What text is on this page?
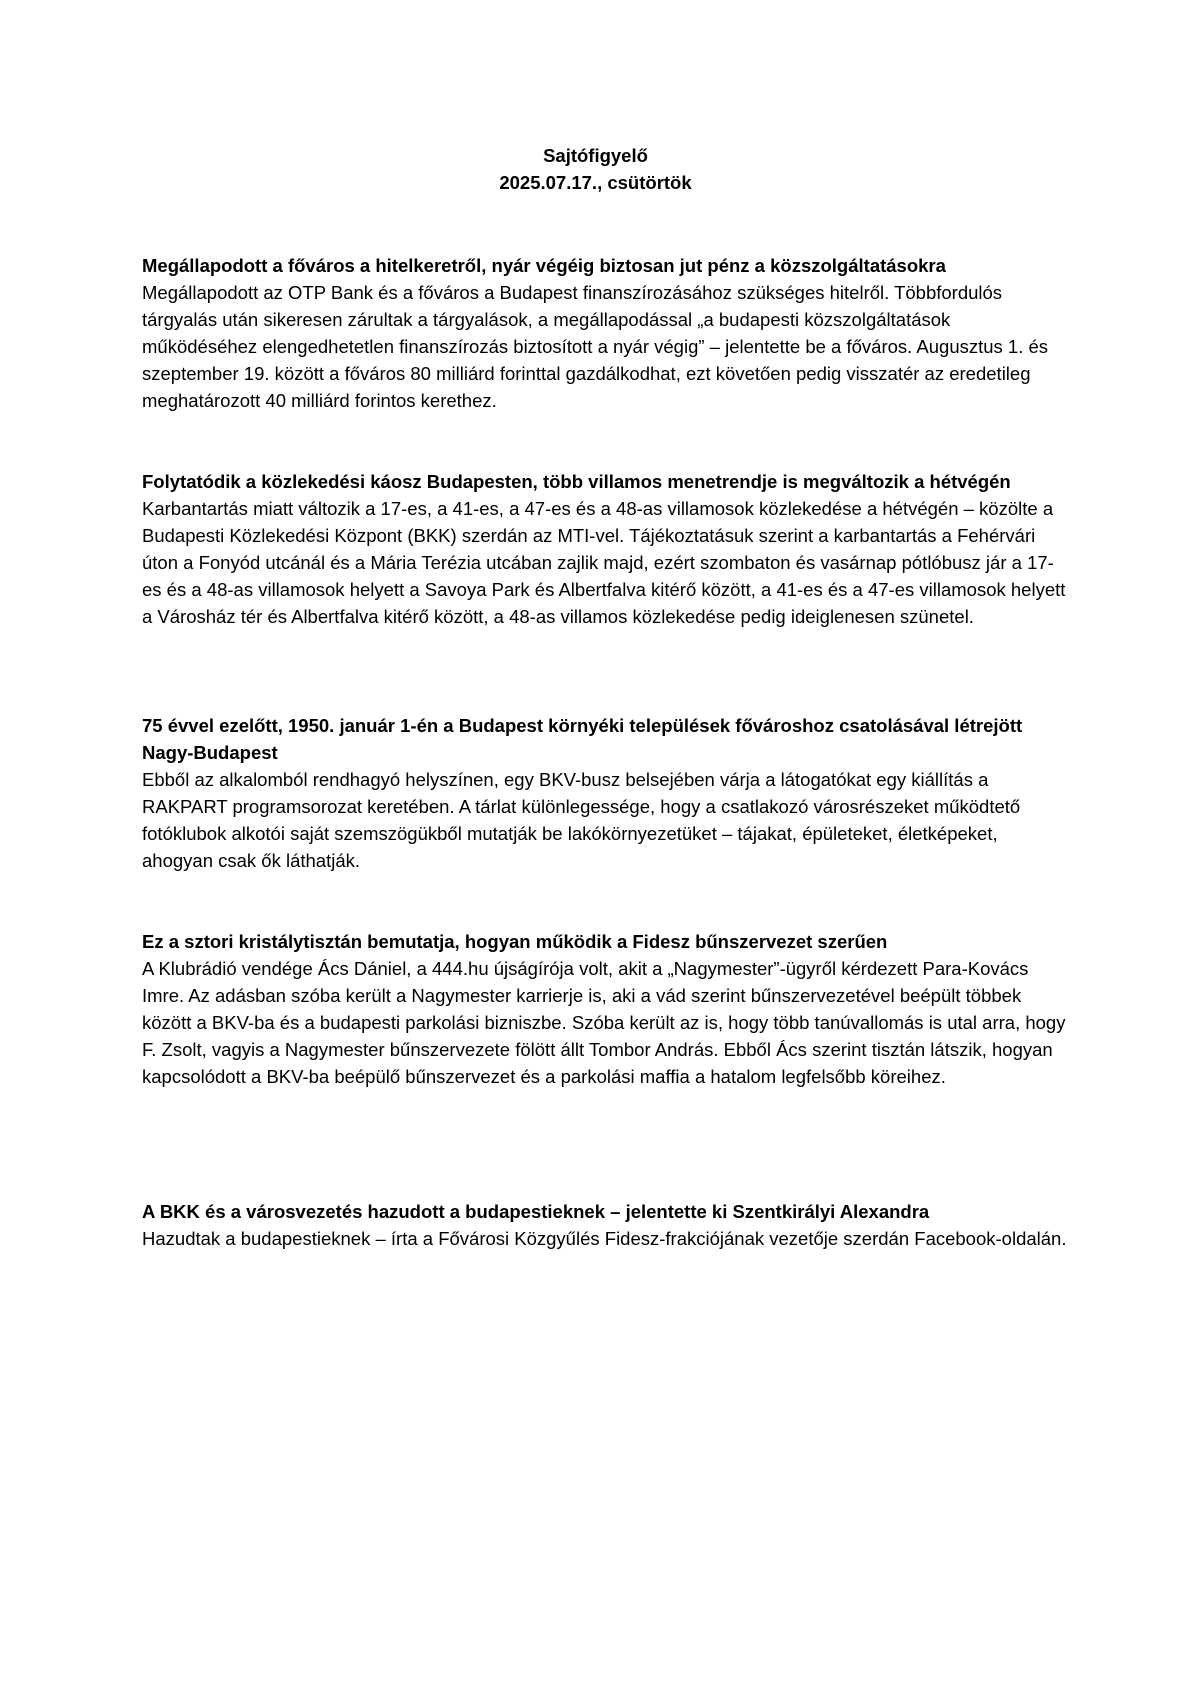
Sajtófigyelő
2025.07.17., csütörtök

Megállapodott a főváros a hitelkeretről, nyár végéig biztosan jut pénz a közszolgáltatásokra

Megállapodott az OTP Bank és a főváros a Budapest finanszírozásához szükséges hitelről. Többfordulós tárgyalás után sikeresen zárultak a tárgyalások, a megállapodással „a budapesti közszolgáltatások működéséhez elengedhetetlen finanszírozás biztosított a nyár végig” – jelentette be a főváros. Augusztus 1. és szeptember 19. között a főváros 80 milliárd forinttal gazdálkodhat, ezt követően pedig visszatér az eredetileg meghatározott 40 milliárd forintos kerethez.

Folytatódik a közlekedési káosz Budapesten, több villamos menetrendje is megváltozik a hétvégén

Karbantartás miatt változik a 17-es, a 41-es, a 47-es és a 48-as villamosok közlekedése a hétvégén – közölte a Budapesti Közlekedési Központ (BKK) szerdán az MTI-vel. Tájékoztatásuk szerint a karbantartás a Fehérvári úton a Fonyód utcánál és a Mária Terézia utcában zajlik majd, ezért szombaton és vasárnap pótlóbusz jár a 17-es és a 48-as villamosok helyett a Savoya Park és Albertfalva kitérő között, a 41-es és a 47-es villamosok helyett a Városház tér és Albertfalva kitérő között, a 48-as villamos közlekedése pedig ideiglenesen szünetel.

75 évvel ezelőtt, 1950. január 1-én a Budapest környéki települések fővároshoz csatolásával létrejött Nagy-Budapest

Ebből az alkalomból rendhagyó helyszínen, egy BKV-busz belsejében várja a látogatókat egy kiállítás a RAKPART programsorozat keretében. A tárlat különlegessége, hogy a csatlakozó városrészeket működtető fotóklubok alkotói saját szemszögükből mutatják be lakókörnyezetüket – tájakat, épületeket, életképeket, ahogyan csak ők láthatják.

Ez a sztori kristálytisztán bemutatja, hogyan működik a Fidesz bűnszervezet szerűen

A Klubrádió vendége Ács Dániel, a 444.hu újságírója volt, akit a „Nagymester”-ügyről kérdezett Para-Kovács Imre. Az adásban szóba került a Nagymester karrierje is, aki a vád szerint bűnszervezetével beépült többek között a BKV-ba és a budapesti parkolási bizniszbe. Szóba került az is, hogy több tanúvallomás is utal arra, hogy F. Zsolt, vagyis a Nagymester bűnszervezete fölött állt Tombor András. Ebből Ács szerint tisztán látszik, hogyan kapcsolódott a BKV-ba beépülő bűnszervezet és a parkolási maffia a hatalom legfelsőbb köreihez.

A BKK és a városvezetés hazudott a budapestieknek – jelentette ki Szentkirályi Alexandra

Hazudtak a budapestieknek – írta a Fővárosi Közgyűlés Fidesz-frakciójának vezetője szerdán Facebook-oldalán.
